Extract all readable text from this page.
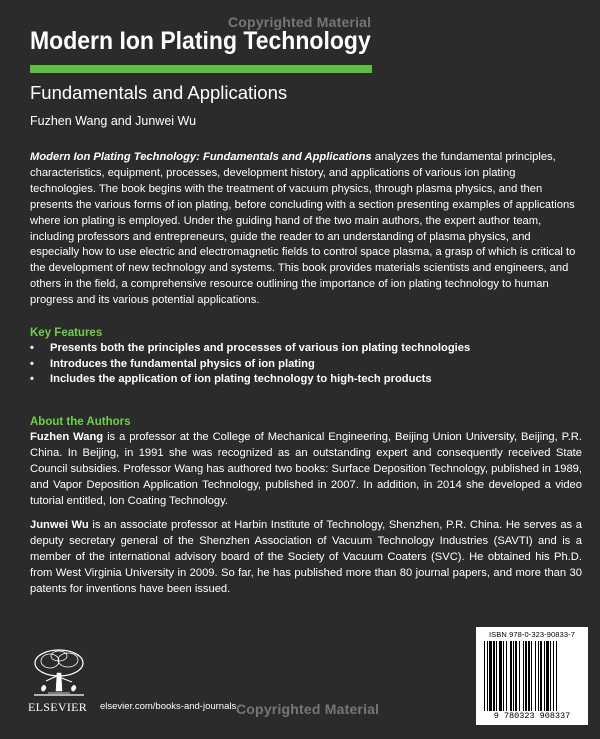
Copyrighted Material
Modern Ion Plating Technology
Fundamentals and Applications
Fuzhen Wang and Junwei Wu
Modern Ion Plating Technology: Fundamentals and Applications analyzes the fundamental principles, characteristics, equipment, processes, development history, and applications of various ion plating technologies. The book begins with the treatment of vacuum physics, through plasma physics, and then presents the various forms of ion plating, before concluding with a section presenting examples of applications where ion plating is employed. Under the guiding hand of the two main authors, the expert author team, including professors and entrepreneurs, guide the reader to an understanding of plasma physics, and especially how to use electric and electromagnetic fields to control space plasma, a grasp of which is critical to the development of new technology and systems. This book provides materials scientists and engineers, and others in the field, a comprehensive resource outlining the importance of ion plating technology to human progress and its various potential applications.
Key Features
• Presents both the principles and processes of various ion plating technologies
• Introduces the fundamental physics of ion plating
• Includes the application of ion plating technology to high-tech products
About the Authors
Fuzhen Wang is a professor at the College of Mechanical Engineering, Beijing Union University, Beijing, P.R. China. In Beijing, in 1991 she was recognized as an outstanding expert and consequently received State Council subsidies. Professor Wang has authored two books: Surface Deposition Technology, published in 1989, and Vapor Deposition Application Technology, published in 2007. In addition, in 2014 she developed a video tutorial entitled, Ion Coating Technology.
Junwei Wu is an associate professor at Harbin Institute of Technology, Shenzhen, P.R. China. He serves as a deputy secretary general of the Shenzhen Association of Vacuum Technology Industries (SAVTI) and is a member of the international advisory board of the Society of Vacuum Coaters (SVC). He obtained his Ph.D. from West Virginia University in 2009. So far, he has published more than 80 journal papers, and more than 30 patents for inventions have been issued.
ELSEVIER elsevier.com/books-and-journals Copyrighted Material
ISBN 978-0-323-90833-7
9 780323 908337
